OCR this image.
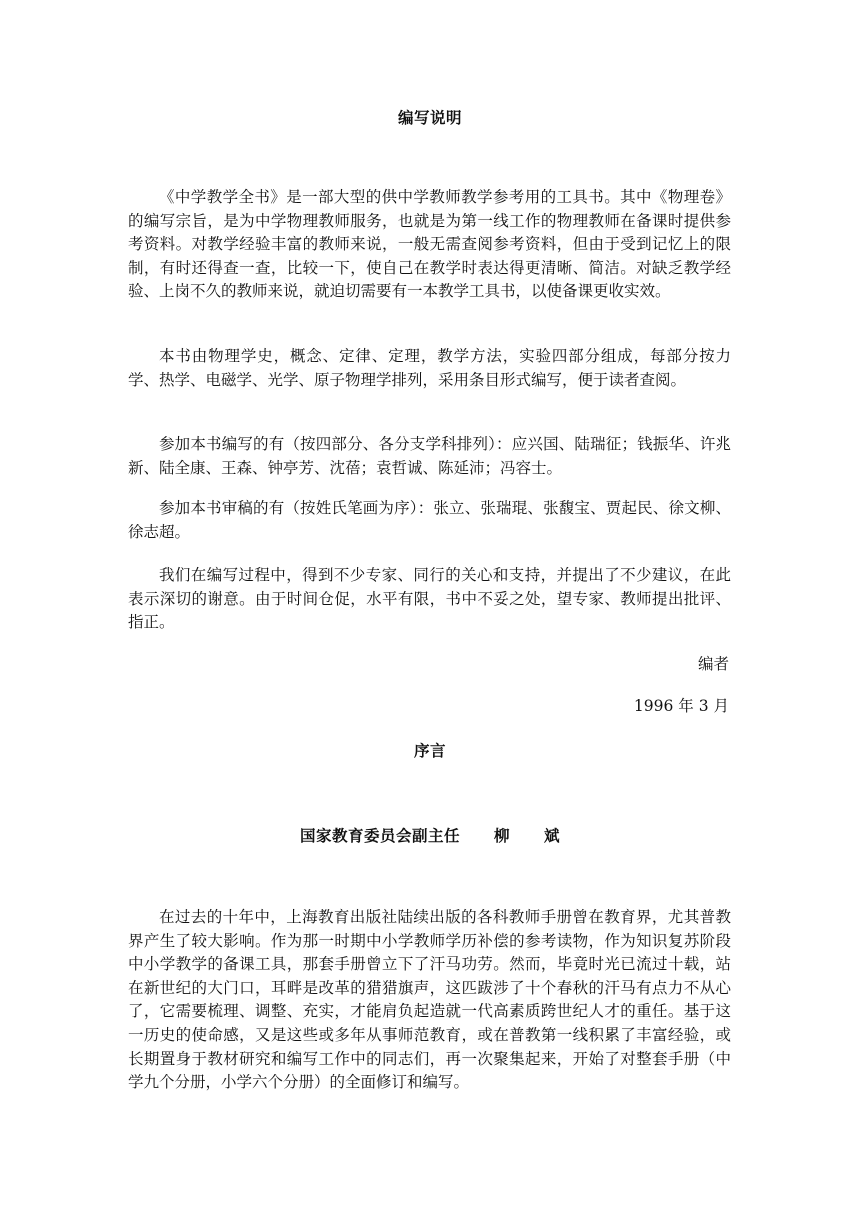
编写说明

《中学教学全书》是一部大型的供中学教师教学参考用的工具书。其中《物理卷》的编写宗旨，是为中学物理教师服务，也就是为第一线工作的物理教师在备课时提供参考资料。对教学经验丰富的教师来说，一般无需查阅参考资料，但由于受到记忆上的限制，有时还得查一查，比较一下，使自己在教学时表达得更清晰、简洁。对缺乏教学经验、上岗不久的教师来说，就迫切需要有一本教学工具书，以使备课更收实效。

本书由物理学史，概念、定律、定理，教学方法，实验四部分组成，每部分按力学、热学、电磁学、光学、原子物理学排列，采用条目形式编写，便于读者查阅。

参加本书编写的有（按四部分、各分支学科排列）：应兴国、陆瑞征；钱振华、许兆新、陆全康、王森、钟亭芳、沈蓓；袁哲诚、陈延沛；冯容士。

参加本书审稿的有（按姓氏笔画为序）：张立、张瑞琨、张馥宝、贾起民、徐文柳、徐志超。

我们在编写过程中，得到不少专家、同行的关心和支持，并提出了不少建议，在此表示深切的谢意。由于时间仓促，水平有限，书中不妥之处，望专家、教师提出批评、指正。

编者
1996 年 3 月
序言
国家教育委员会副主任 柳 斌

在过去的十年中，上海教育出版社陆续出版的各科教师手册曾在教育界，尤其普教界产生了较大影响。作为那一时期中小学教师学历补偿的参考读物，作为知识复苏阶段中小学教学的备课工具，那套手册曾立下了汗马功劳。然而，毕竟时光已流过十载，站在新世纪的大门口，耳畔是改革的猎猎旗声，这匹跋涉了十个春秋的汗马有点力不从心了，它需要梳理、调整、充实，才能肩负起造就一代高素质跨世纪人才的重任。基于这一历史的使命感，又是这些或多年从事师范教育，或在普教第一线积累了丰富经验，或长期置身于教材研究和编写工作中的同志们，再一次聚集起来，开始了对整套手册（中学九个分册，小学六个分册）的全面修订和编写。
